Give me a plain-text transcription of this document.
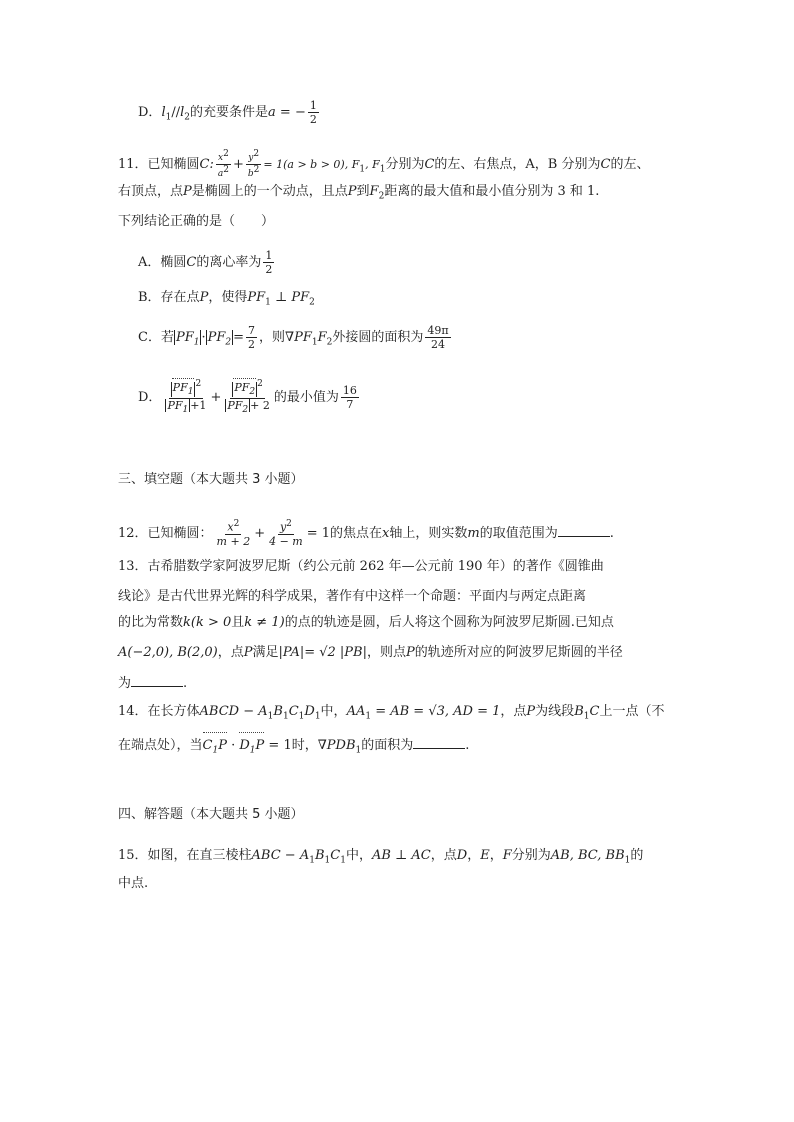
D．$l_1//l_2$的充要条件是a = − $\frac{1}{2}$
11．已知椭圆C: $\frac{x^2}{a^2} + \frac{y^2}{b^2} = 1(a > b > 0)$, $F_1$, $F_1$分别为C的左、右焦点，A，B 分别为C的左、
右顶点，点P是椭圆上的一个动点，且点P到$F_2$距离的最大值和最小值分别为 3 和 1.
下列结论正确的是（　　）
A．椭圆C的离心率为 $\frac{1}{2}$
B．存在点P，使得$PF_1$ ⊥ $PF_2$
C．若 $PF_1 \cdot PF_2 = \frac{7}{2}$ ，则$\nabla PF_1F_2$外接圆的面积为 $\frac{49\pi}{24}$
D． $\frac{PF_1^2}{PF_1 +1} + \frac{PF_2^2}{PF_2 + 2}$ 的最小值为 $\frac{16}{7}$
三、填空题（本大题共 3 小题）
12．已知椭圆： $\frac{x^2}{m + 2} + \frac{y^2}{4 - m} = 1$的焦点在x轴上，则实数m的取值范围为	.
13．古希腊数学家阿波罗尼斯（约公元前 262 年—公元前 190 年）的著作《圆锥曲
线论》是古代世界光辉的科学成果，著作有中这样一个命题：平面内与两定点距离
的比为常数k(k > 0且k ≠ 1)的点的轨迹是圆，后人将这个圆称为阿波罗尼斯圆.已知点
A(−2,0), B(2,0)，点P满足|PA|= √2 |PB|，则点P的轨迹所对应的阿波罗尼斯圆的半径
为	.
14．在长方体ABCD − $A_1B_1C_1D_1$中，$AA_1$ = AB = √3, AD = 1，点P为线段$B_1C$上一点（不
在端点处），当$C_1P \cdot D_1P = 1$时，$\nabla PDB_1$的面积为	.
四、解答题（本大题共 5 小题）
15．如图，在直三棱柱ABC − $A_1B_1C_1$中，AB ⊥ AC，点D，E，F分别为AB, BC, $BB_1$的
中点.
